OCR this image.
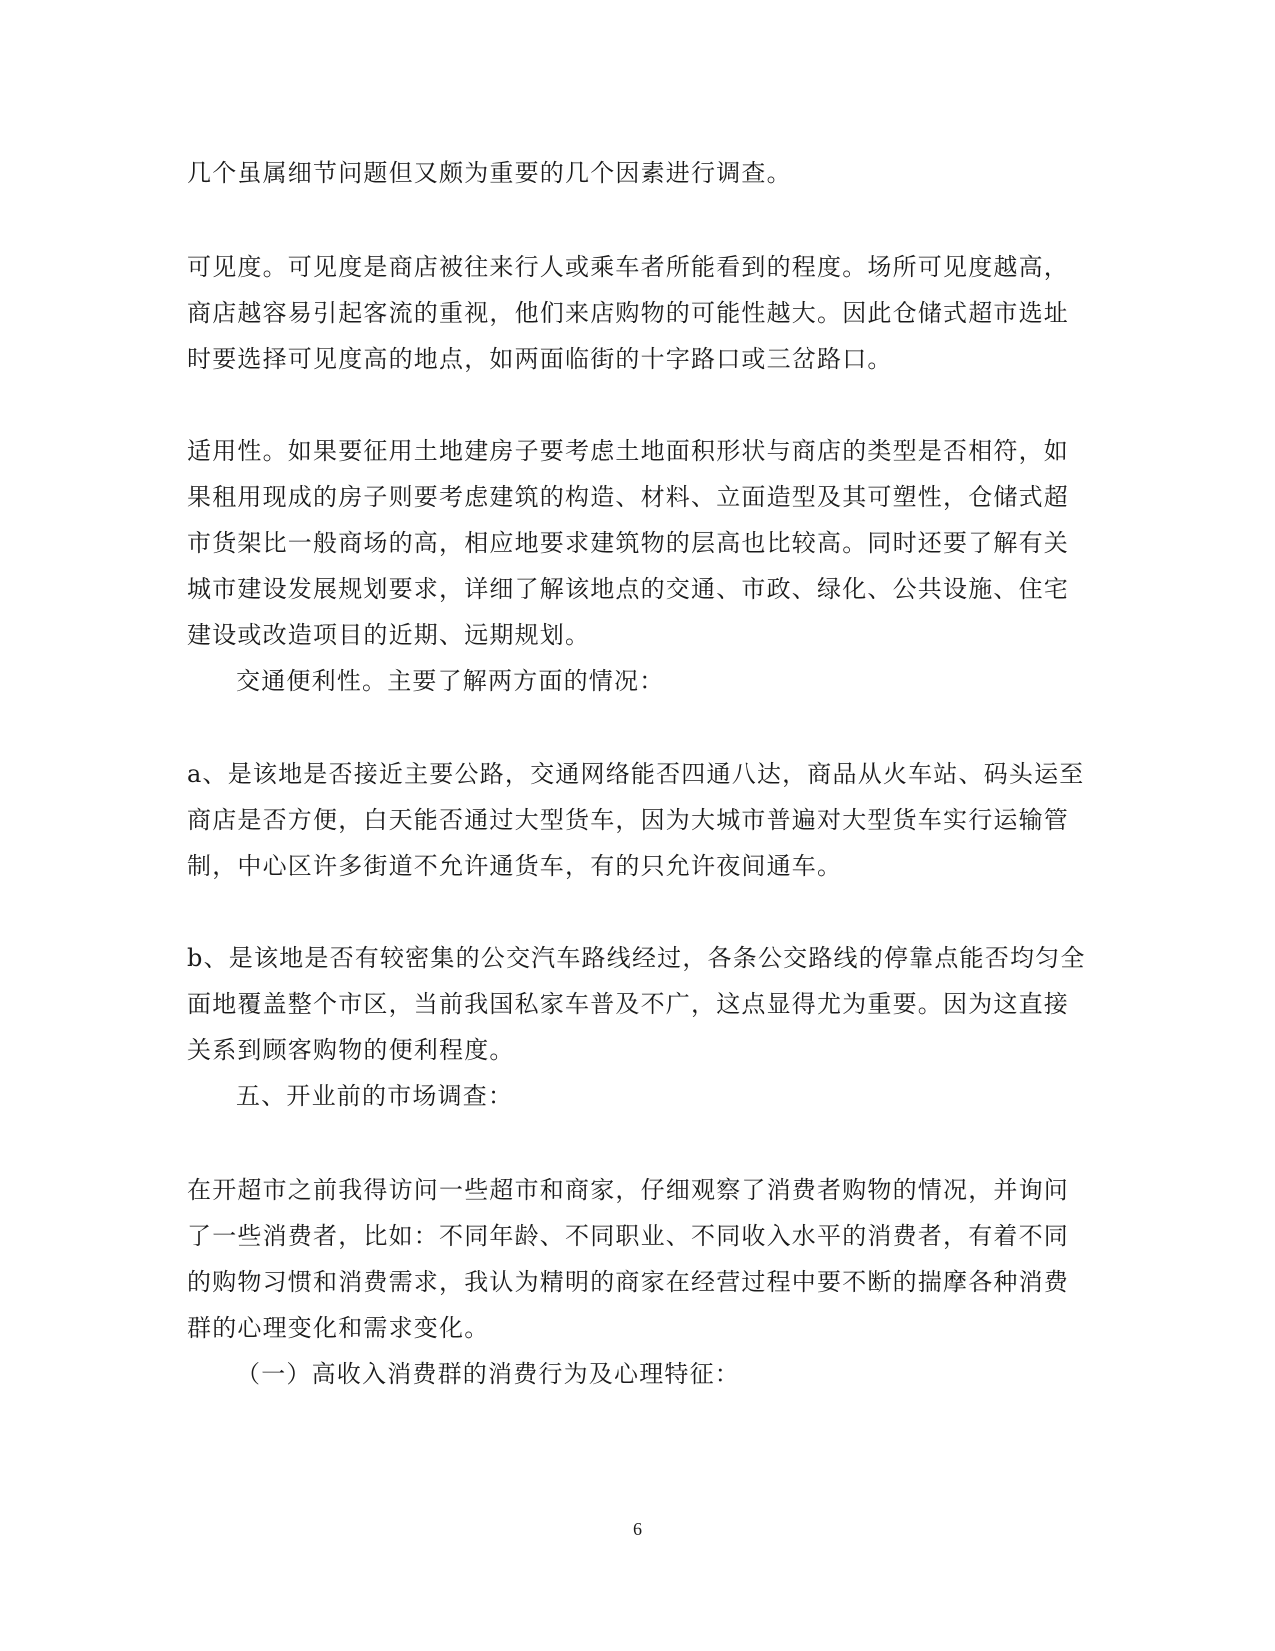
几个虽属细节问题但又颇为重要的几个因素进行调查。
可见度。可见度是商店被往来行人或乘车者所能看到的程度。场所可见度越高，
商店越容易引起客流的重视，他们来店购物的可能性越大。因此仓储式超市选址
时要选择可见度高的地点，如两面临街的十字路口或三岔路口。
适用性。如果要征用土地建房子要考虑土地面积形状与商店的类型是否相符，如
果租用现成的房子则要考虑建筑的构造、材料、立面造型及其可塑性，仓储式超
市货架比一般商场的高，相应地要求建筑物的层高也比较高。同时还要了解有关
城市建设发展规划要求，详细了解该地点的交通、市政、绿化、公共设施、住宅
建设或改造项目的近期、远期规划。
交通便利性。主要了解两方面的情况：
a、是该地是否接近主要公路，交通网络能否四通八达，商品从火车站、码头运至
商店是否方便，白天能否通过大型货车，因为大城市普遍对大型货车实行运输管
制，中心区许多街道不允许通货车，有的只允许夜间通车。
b、是该地是否有较密集的公交汽车路线经过，各条公交路线的停靠点能否均匀全
面地覆盖整个市区，当前我国私家车普及不广，这点显得尤为重要。因为这直接
关系到顾客购物的便利程度。
五、开业前的市场调查：
在开超市之前我得访问一些超市和商家，仔细观察了消费者购物的情况，并询问
了一些消费者，比如：不同年龄、不同职业、不同收入水平的消费者，有着不同
的购物习惯和消费需求，我认为精明的商家在经营过程中要不断的揣摩各种消费
群的心理变化和需求变化。
（一）高收入消费群的消费行为及心理特征：
6
